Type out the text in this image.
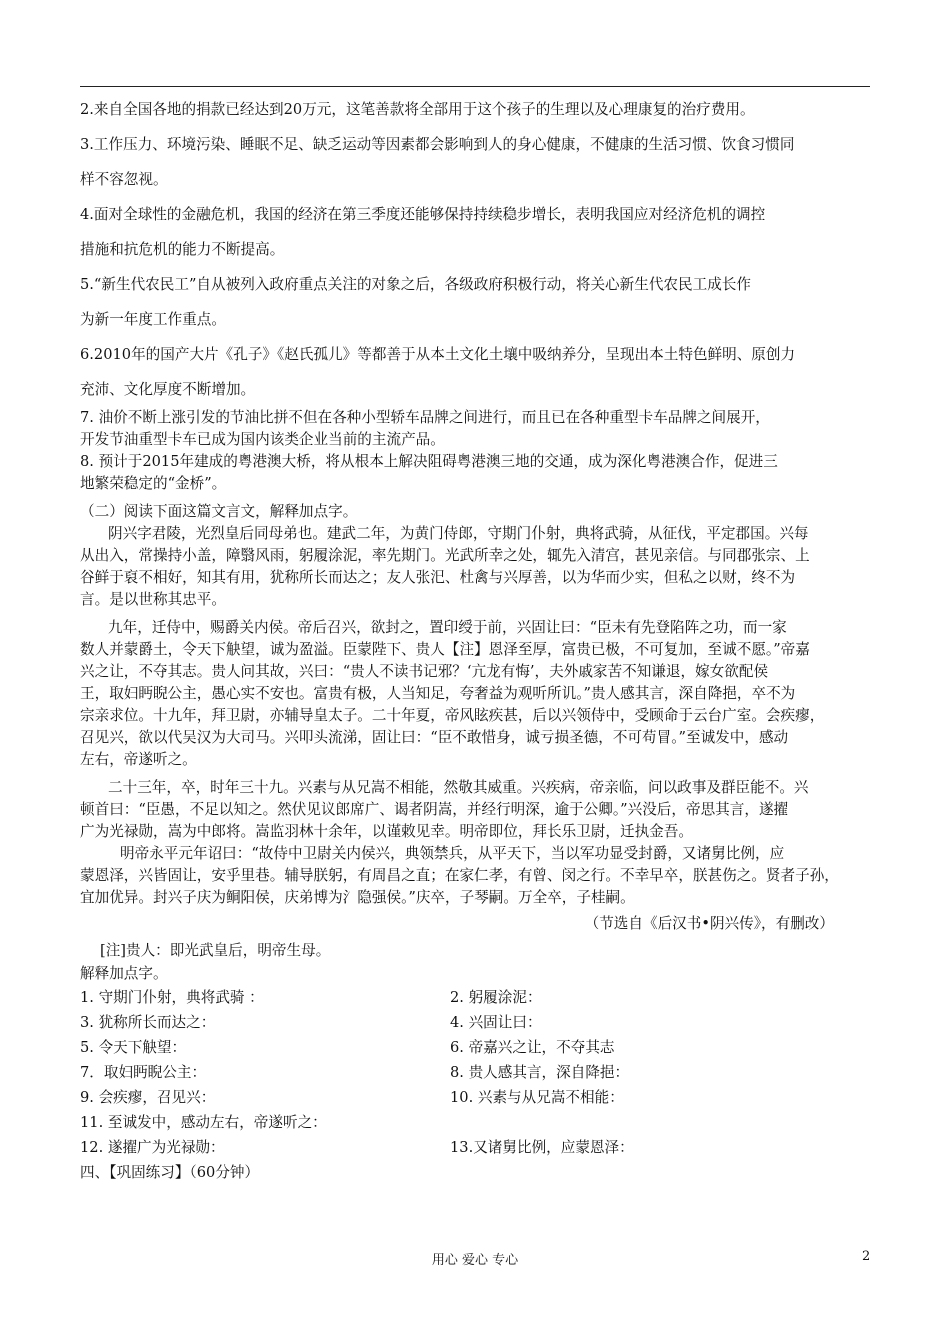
2.来自全国各地的捐款已经达到20万元，这笔善款将全部用于这个孩子的生理以及心理康复的治疗费用。

3.工作压力、环境污染、睡眠不足、缺乏运动等因素都会影响到人的身心健康，不健康的生活习惯、饮食习惯同

样不容忽视。

4.面对全球性的金融危机，我国的经济在第三季度还能够保持持续稳步增长，表明我国应对经济危机的调控

措施和抗危机的能力不断提高。

5.“新生代农民工”自从被列入政府重点关注的对象之后，各级政府积极行动，将关心新生代农民工成长作

为新一年度工作重点。

6.2010年的国产大片《孔子》《赵氏孤儿》等都善于从本土文化土壤中吸纳养分，呈现出本土特色鲜明、原创力

充沛、文化厚度不断增加。

7. 油价不断上涨引发的节油比拼不但在各种小型轿车品牌之间进行，而且已在各种重型卡车品牌之间展开，

开发节油重型卡车已成为国内该类企业当前的主流产品。

8. 预计于2015年建成的粤港澳大桥，将从根本上解决阻碍粤港澳三地的交通，成为深化粤港澳合作，促进三

地繁荣稳定的“金桥”。

（二）阅读下面这篇文言文，解释加点字。

阴兴字君陵，光烈皇后同母弟也。建武二年，为黄门侍郎，守期门仆射，典将武骑，从征伐，平定郡国。兴每

从出入，常操持小盖，障翳风雨，躬履涂泥，率先期门。光武所幸之处，辄先入清宫，甚见亲信。与同郡张宗、上

谷鲜于裒不相好，知其有用，犹称所长而达之；友人张汜、杜禽与兴厚善，以为华而少实，但私之以财，终不为

言。是以世称其忠平。

九年，迁侍中，赐爵关内侯。帝后召兴，欲封之，置印绶于前，兴固让曰：“臣未有先登陷阵之功，而一家

数人并蒙爵土，令天下觖望，诚为盈溢。臣蒙陛下、贵人【注】恩泽至厚，富贵已极，不可复加，至诚不愿。”帝嘉

兴之让，不夺其志。贵人问其故，兴曰：“贵人不读书记邪？‘亢龙有悔’，夫外戚家苦不知谦退，嫁女欲配侯

王，取妇眄睨公主，愚心实不安也。富贵有极，人当知足，夸奢益为观听所讥。”贵人感其言，深自降挹，卒不为

宗亲求位。十九年，拜卫尉，亦辅导皇太子。二十年夏，帝风眩疾甚，后以兴领侍中，受顾命于云台广室。会疾瘳，

召见兴，欲以代吴汉为大司马。兴叩头流涕，固让曰：“臣不敢惜身，诚亏损圣德，不可苟冒。”至诚发中，感动

左右，帝遂听之。

二十三年，卒，时年三十九。兴素与从兄嵩不相能，然敬其威重。兴疾病，帝亲临，问以政事及群臣能不。兴

顿首曰：“臣愚，不足以知之。然伏见议郎席广、谒者阴嵩，并经行明深，逾于公卿。”兴没后，帝思其言，遂擢

广为光禄勋，嵩为中郎将。嵩监羽林十余年，以谨敕见幸。明帝即位，拜长乐卫尉，迁执金吾。

明帝永平元年诏曰：“故侍中卫尉关内侯兴，典领禁兵，从平天下，当以军功显受封爵，又诸舅比例，应

蒙恩泽，兴皆固让，安乎里巷。辅导朕躬，有周昌之直；在家仁孝，有曾、闵之行。不幸早卒，朕甚伤之。贤者子孙，

宜加优异。封兴子庆为鲖阳侯，庆弟博为氵隐强侯。”庆卒，子琴嗣。万全卒，子桂嗣。

（节选自《后汉书•阴兴传》，有删改）

[注]贵人：即光武皇后，明帝生母。

解释加点字。

1. 守期门仆射，典将武骑 ：	2. 躬履涂泥：
3. 犹称所长而达之：	4. 兴固让曰：
5. 令天下觖望：	6. 帝嘉兴之让，不夺其志
7．取妇眄睨公主：	8. 贵人感其言，深自降挹：
9. 会疾瘳，召见兴：	10. 兴素与从兄嵩不相能：
11. 至诚发中，感动左右，帝遂听之：
12. 遂擢广为光禄勋：	13.又诸舅比例，应蒙恩泽：

四、【巩固练习】（60分钟）

用心 爱心 专心	2
